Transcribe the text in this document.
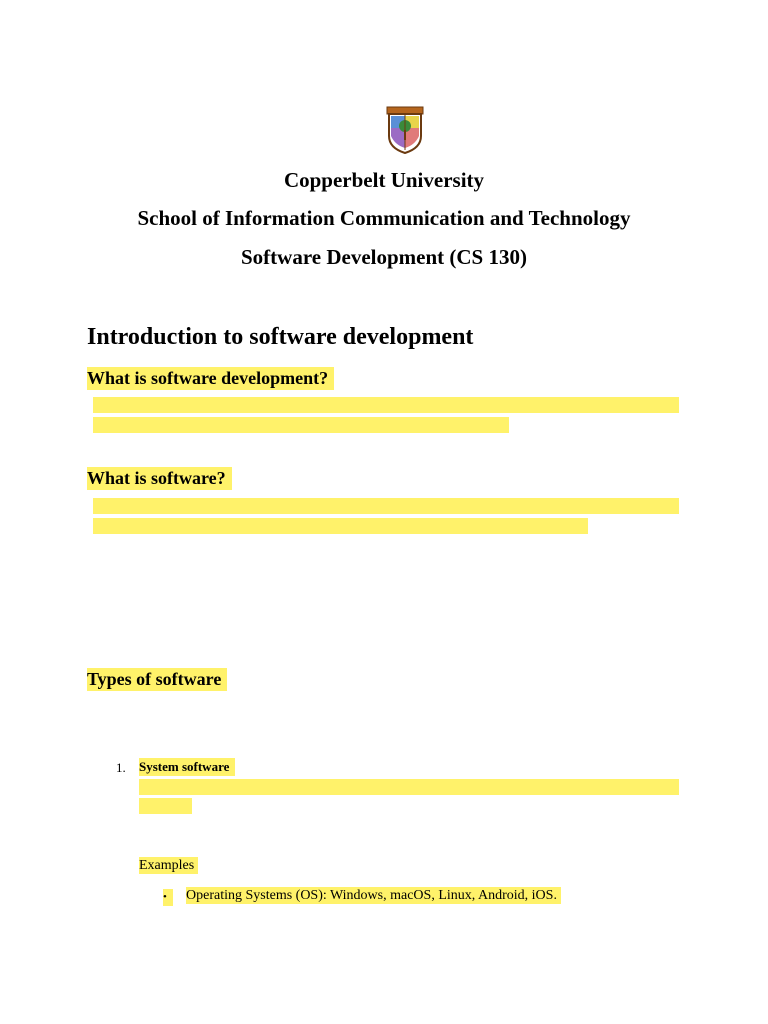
Copperbelt University
School of Information Communication and Technology
Software Development (CS 130)
Introduction to software development
What is software development?
What is software?
Types of software
1. System software
Examples
•	Operating Systems (OS): Windows, macOS, Linux, Android, iOS.
